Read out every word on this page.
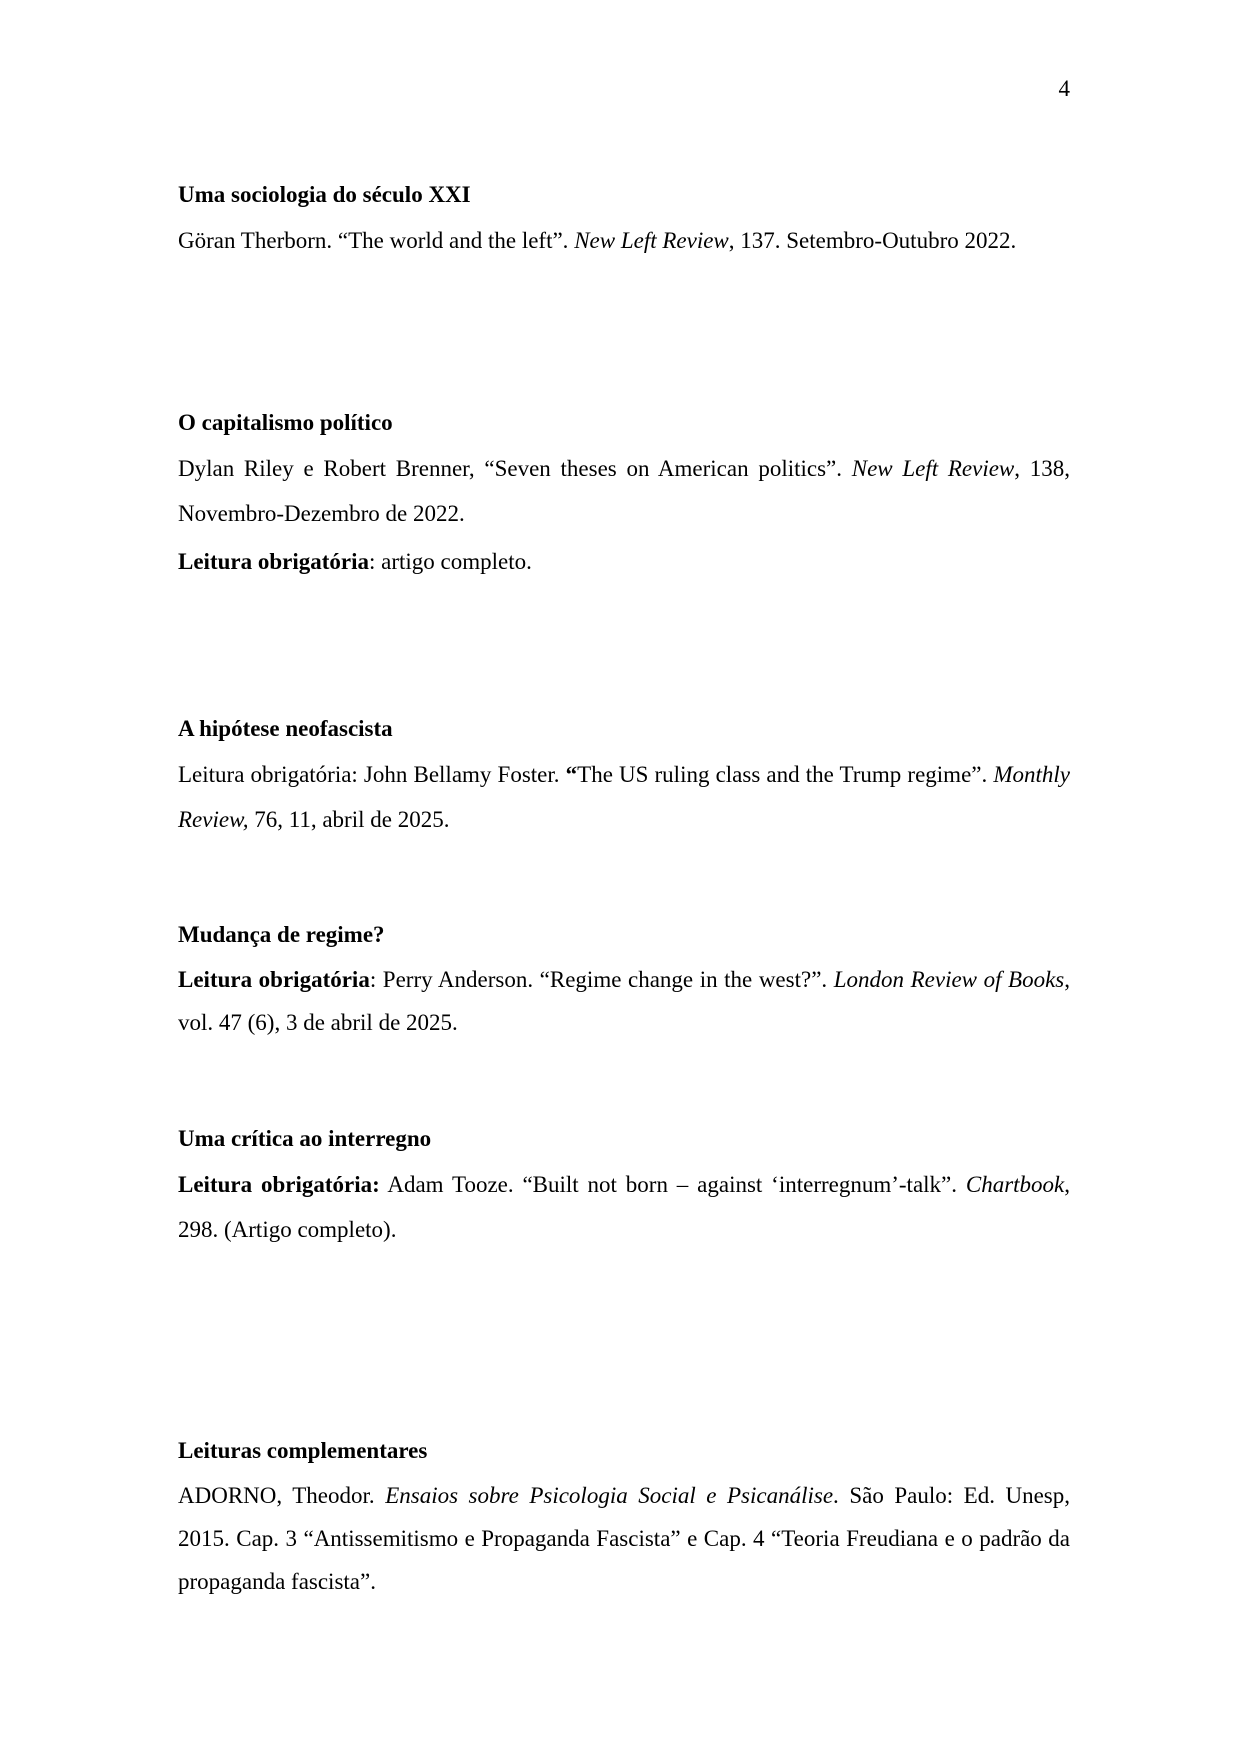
4

Uma sociologia do século XXI

Göran Therborn. “The world and the left”. New Left Review, 137. Setembro-Outubro 2022.

O capitalismo político

Dylan Riley e Robert Brenner, “Seven theses on American politics”. New Left Review, 138, Novembro-Dezembro de 2022.

Leitura obrigatória: artigo completo.

A hipótese neofascista

Leitura obrigatória: John Bellamy Foster. “The US ruling class and the Trump regime”. Monthly Review, 76, 11, abril de 2025.

Mudança de regime?

Leitura obrigatória: Perry Anderson. “Regime change in the west?”. London Review of Books, vol. 47 (6), 3 de abril de 2025.

Uma crítica ao interregno

Leitura obrigatória: Adam Tooze. “Built not born – against ‘interregnum’-talk”. Chartbook, 298. (Artigo completo).

Leituras complementares

ADORNO, Theodor. Ensaios sobre Psicologia Social e Psicanálise. São Paulo: Ed. Unesp, 2015. Cap. 3 “Antissemitismo e Propaganda Fascista” e Cap. 4 “Teoria Freudiana e o padrão da propaganda fascista”.
